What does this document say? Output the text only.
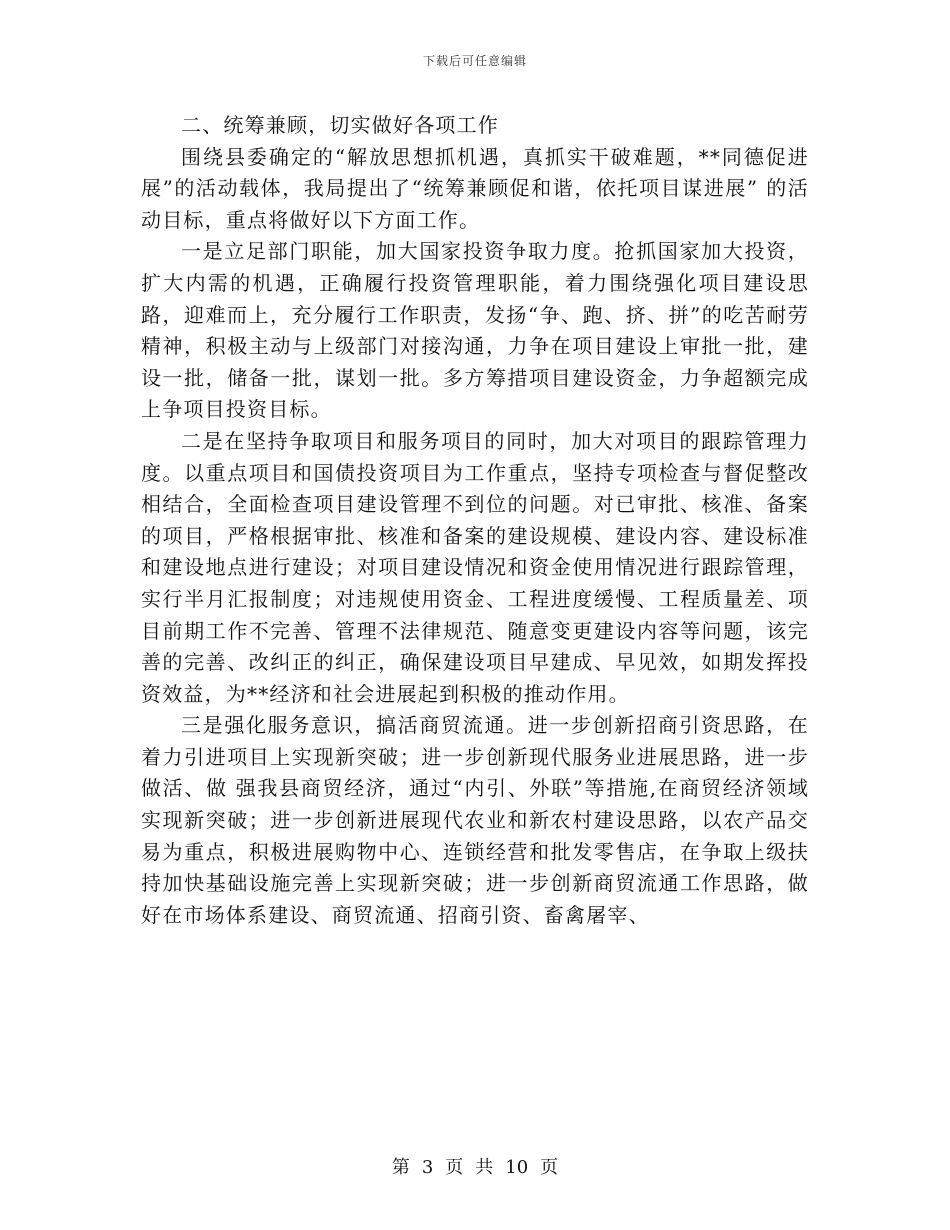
下载后可任意编辑

二、统筹兼顾，切实做好各项工作

围绕县委确定的“解放思想抓机遇，真抓实干破难题，**同德促进展”的活动载体，我局提出了“统筹兼顾促和谐，依托项目谋进展” 的活动目标，重点将做好以下方面工作。

一是立足部门职能，加大国家投资争取力度。抢抓国家加大投资，扩大内需的机遇，正确履行投资管理职能，着力围绕强化项目建设思路，迎难而上，充分履行工作职责，发扬“争、跑、挤、拼”的吃苦耐劳精神，积极主动与上级部门对接沟通，力争在项目建设上审批一批，建设一批，储备一批，谋划一批。多方筹措项目建设资金，力争超额完成上争项目投资目标。

二是在坚持争取项目和服务项目的同时，加大对项目的跟踪管理力度。以重点项目和国债投资项目为工作重点，坚持专项检查与督促整改相结合，全面检查项目建设管理不到位的问题。对已审批、核准、备案的项目，严格根据审批、核准和备案的建设规模、建设内容、建设标准和建设地点进行建设；对项目建设情况和资金使用情况进行跟踪管理，实行半月汇报制度；对违规使用资金、工程进度缓慢、工程质量差、项目前期工作不完善、管理不法律规范、随意变更建设内容等问题，该完善的完善、改纠正的纠正，确保建设项目早建成、早见效，如期发挥投资效益，为**经济和社会进展起到积极的推动作用。

三是强化服务意识，搞活商贸流通。进一步创新招商引资思路，在着力引进项目上实现新突破；进一步创新现代服务业进展思路，进一步做活、做 强我县商贸经济，通过“内引、外联”等措施,在商贸经济领域实现新突破；进一步创新进展现代农业和新农村建设思路，以农产品交易为重点，积极进展购物中心、连锁经营和批发零售店，在争取上级扶持加快基础设施完善上实现新突破；进一步创新商贸流通工作思路，做好在市场体系建设、商贸流通、招商引资、畜禽屠宰、

第 3 页 共 10 页
